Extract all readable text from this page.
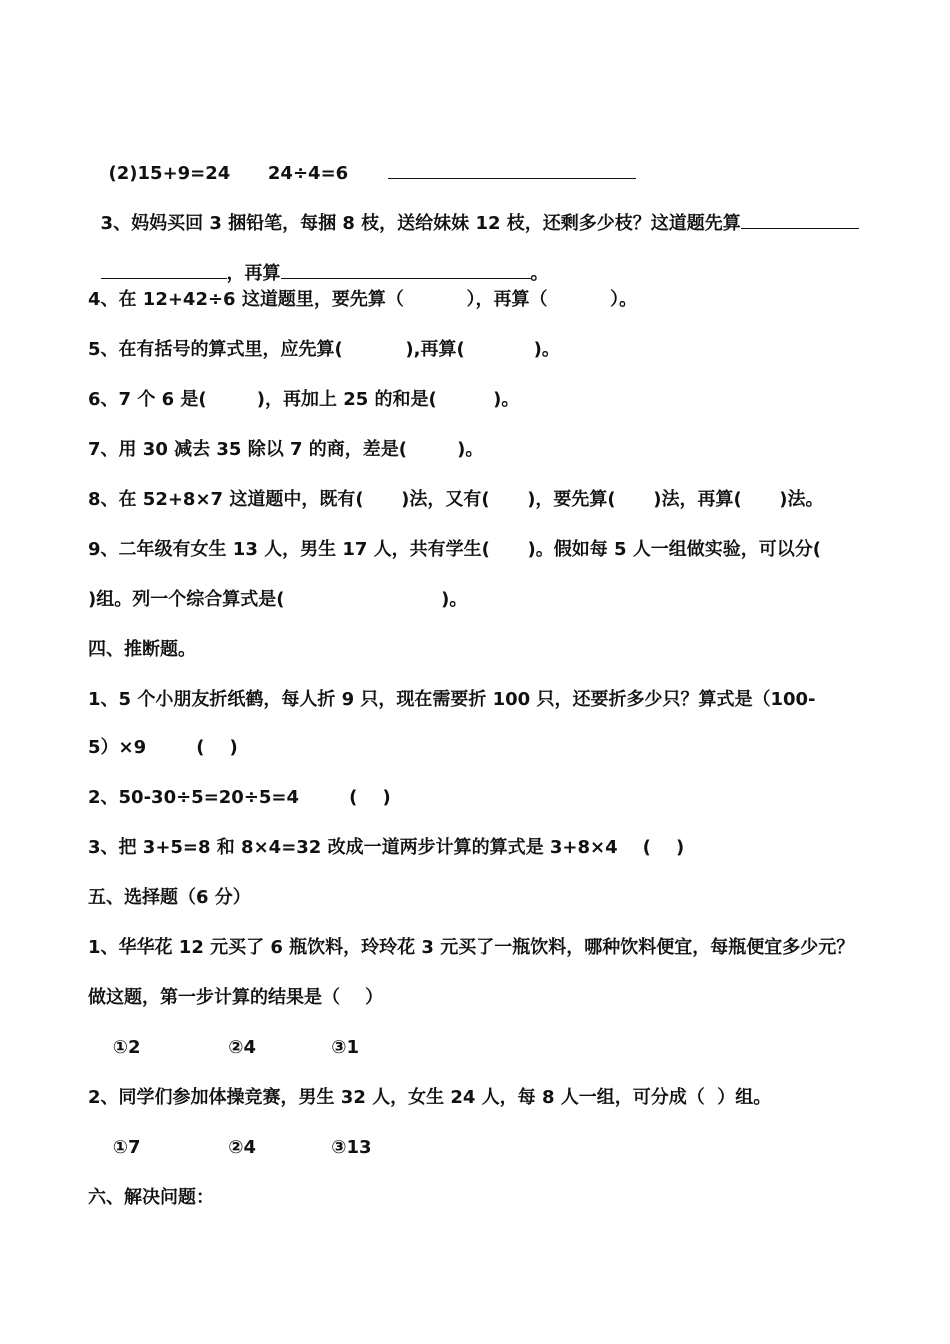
(2)15+9=24      24÷4=6

3、妈妈买回 3 捆铅笔，每捆 8 枝，送给妹妹 12 枝，还剩多少枝？这道题先算

，再算	。

4、在 12+42÷6 这道题里，要先算（          ），再算（          ）。
5、在有括号的算式里，应先算(          ),再算(           )。
6、7 个 6 是(        )，再加上 25 的和是(         )。
7、用 30 减去 35 除以 7 的商，差是(        )。
8、在 52+8×7 这道题中，既有(      )法，又有(      )，要先算(      )法，再算(      )法。
9、二年级有女生 13 人，男生 17 人，共有学生(      )。假如每 5 人一组做实验，可以分(
)组。列一个综合算式是(                         )。
四、推断题。
1、5 个小朋友折纸鹤，每人折 9 只，现在需要折 100 只，还要折多少只？算式是（100-
5）×9        (    )
2、50-30÷5=20÷5=4        (    )
3、把 3+5=8 和 8×4=32 改成一道两步计算的算式是 3+8×4    (    )
五、选择题（6 分）
1、华华花 12 元买了 6 瓶饮料，玲玲花 3 元买了一瓶饮料，哪种饮料便宜，每瓶便宜多少元？
做这题，第一步计算的结果是（    ）
①2              ②4            ③1
2、同学们参加体操竞赛，男生 32 人，女生 24 人，每 8 人一组，可分成（  ）组。
①7              ②4            ③13
六、解决问题：
